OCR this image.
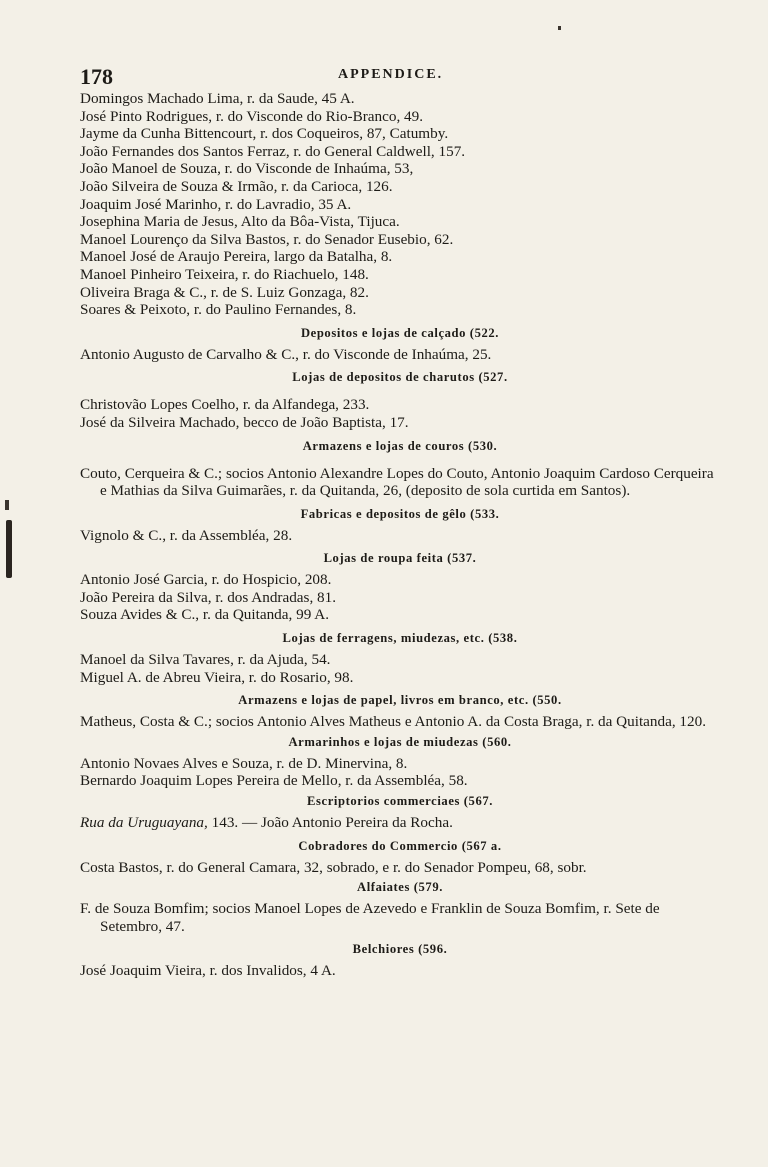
178	APPENDICE.
Domingos Machado Lima, r. da Saude, 45 A.
José Pinto Rodrigues, r. do Visconde do Rio-Branco, 49.
Jayme da Cunha Bittencourt, r. dos Coqueiros, 87, Catumby.
João Fernandes dos Santos Ferraz, r. do General Caldwell, 157.
João Manoel de Souza, r. do Visconde de Inhaúma, 53,
João Silveira de Souza & Irmão, r. da Carioca, 126.
Joaquim José Marinho, r. do Lavradio, 35 A.
Josephina Maria de Jesus, Alto da Bôa-Vista, Tijuca.
Manoel Lourenço da Silva Bastos, r. do Senador Eusebio, 62.
Manoel José de Araujo Pereira, largo da Batalha, 8.
Manoel Pinheiro Teixeira, r. do Riachuelo, 148.
Oliveira Braga & C., r. de S. Luiz Gonzaga, 82.
Soares & Peixoto, r. do Paulino Fernandes, 8.
Depositos e lojas de calçado (522.
Antonio Augusto de Carvalho & C., r. do Visconde de Inhaúma, 25.
Lojas de depositos de charutos (527.
Christovão Lopes Coelho, r. da Alfandega, 233.
José da Silveira Machado, becco de João Baptista, 17.
Armazens e lojas de couros (530.
Couto, Cerqueira & C.; socios Antonio Alexandre Lopes do Couto, Antonio Joaquim Cardoso Cerqueira e Mathias da Silva Guimarães, r. da Quitanda, 26, (deposito de sola curtida em Santos).
Fabricas e depositos de gêlo (533.
Vignolo & C., r. da Assembléa, 28.
Lojas de roupa feita (537.
Antonio José Garcia, r. do Hospicio, 208.
João Pereira da Silva, r. dos Andradas, 81.
Souza Avides & C., r. da Quitanda, 99 A.
Lojas de ferragens, miudezas, etc. (538.
Manoel da Silva Tavares, r. da Ajuda, 54.
Miguel A. de Abreu Vieira, r. do Rosario, 98.
Armazens e lojas de papel, livros em branco, etc. (550.
Matheus, Costa & C.; socios Antonio Alves Matheus e Antonio A. da Costa Braga, r. da Quitanda, 120.
Armarinhos e lojas de miudezas (560.
Antonio Novaes Alves e Souza, r. de D. Minervina, 8.
Bernardo Joaquim Lopes Pereira de Mello, r. da Assembléa, 58.
Escriptorios commerciaes (567.
Rua da Uruguayana, 143. — João Antonio Pereira da Rocha.
Cobradores do Commercio (567 a.
Costa Bastos, r. do General Camara, 32, sobrado, e r. do Senador Pompeu, 68, sobr.
Alfaiates (579.
F. de Souza Bomfim; socios Manoel Lopes de Azevedo e Franklin de Souza Bomfim, r. Sete de Setembro, 47.
Belchiores (596.
José Joaquim Vieira, r. dos Invalidos, 4 A.
